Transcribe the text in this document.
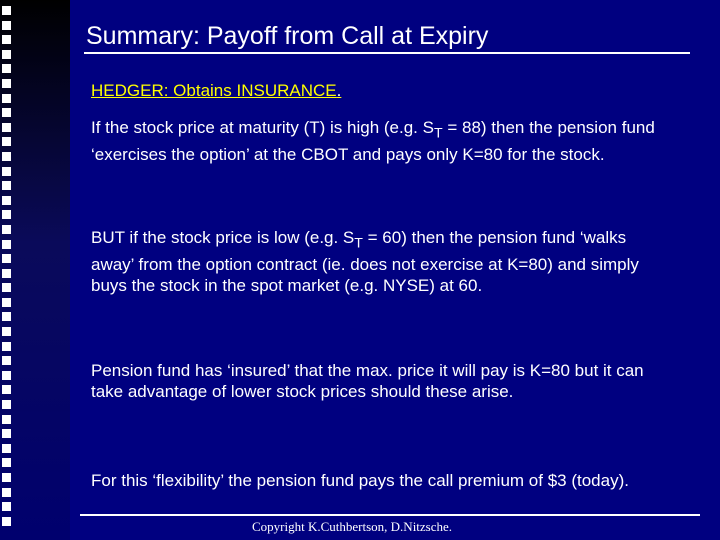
Summary: Payoff from Call at Expiry
HEDGER: Obtains INSURANCE.
If the stock price at maturity (T) is high (e.g. $S_T = 88$) then the pension fund ‘exercises the option’ at the CBOT and pays only K=80 for the stock.
BUT if the stock price is low (e.g. $S_T = 60$) then the pension fund ‘walks away’ from the option contract (ie. does not exercise at K=80) and simply buys the stock in the spot market (e.g. NYSE) at 60.
Pension fund has ‘insured’ that the max. price it will pay is K=80 but it can take advantage of lower stock prices should these arise.
For this ‘flexibility’ the pension fund pays the call premium of $3 (today).
Copyright K.Cuthbertson, D.Nitzsche.
